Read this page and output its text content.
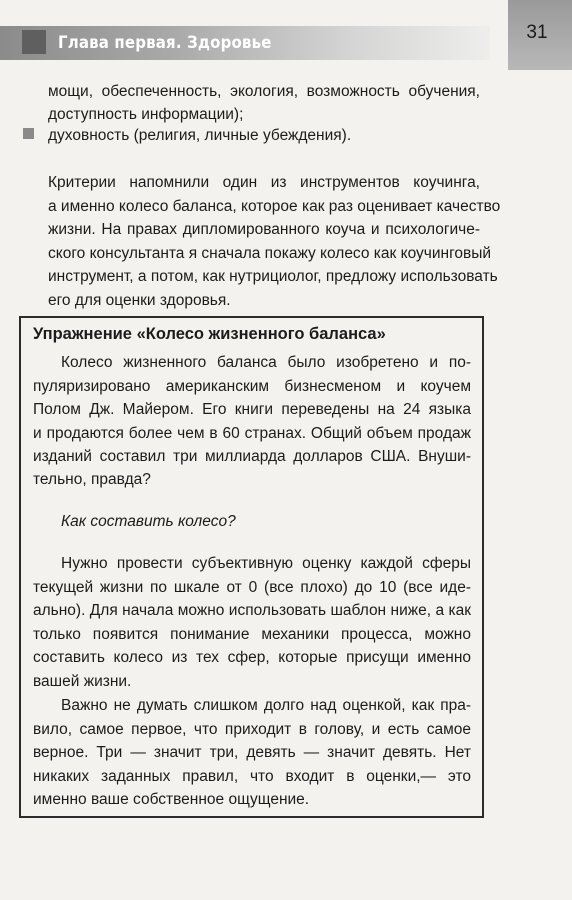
Глава первая. Здоровье	31
мощи, обеспеченность, экология, возможность обучения,
доступность информации);
духовность (религия, личные убеждения).
Критерии напомнили один из инструментов коучинга,
а именно колесо баланса, которое как раз оценивает качество
жизни. На правах дипломированного коуча и психологиче-
ского консультанта я сначала покажу колесо как коучинговый
инструмент, а потом, как нутрициолог, предложу использовать
его для оценки здоровья.
Упражнение «Колесо жизненного баланса»
Колесо жизненного баланса было изобретено и по-
пуляризировано американским бизнесменом и коучем
Полом Дж. Майером. Его книги переведены на 24 языка
и продаются более чем в 60 странах. Общий объем продаж
изданий составил три миллиарда долларов США. Внуши-
тельно, правда?
Как составить колесо?
Нужно провести субъективную оценку каждой сферы
текущей жизни по шкале от 0 (все плохо) до 10 (все иде-
ально). Для начала можно использовать шаблон ниже, а как
только появится понимание механики процесса, можно
составить колесо из тех сфер, которые присущи именно
вашей жизни.
Важно не думать слишком долго над оценкой, как пра-
вило, самое первое, что приходит в голову, и есть самое
верное. Три — значит три, девять — значит девять. Нет
никаких заданных правил, что входит в оценки,— это
именно ваше собственное ощущение.
